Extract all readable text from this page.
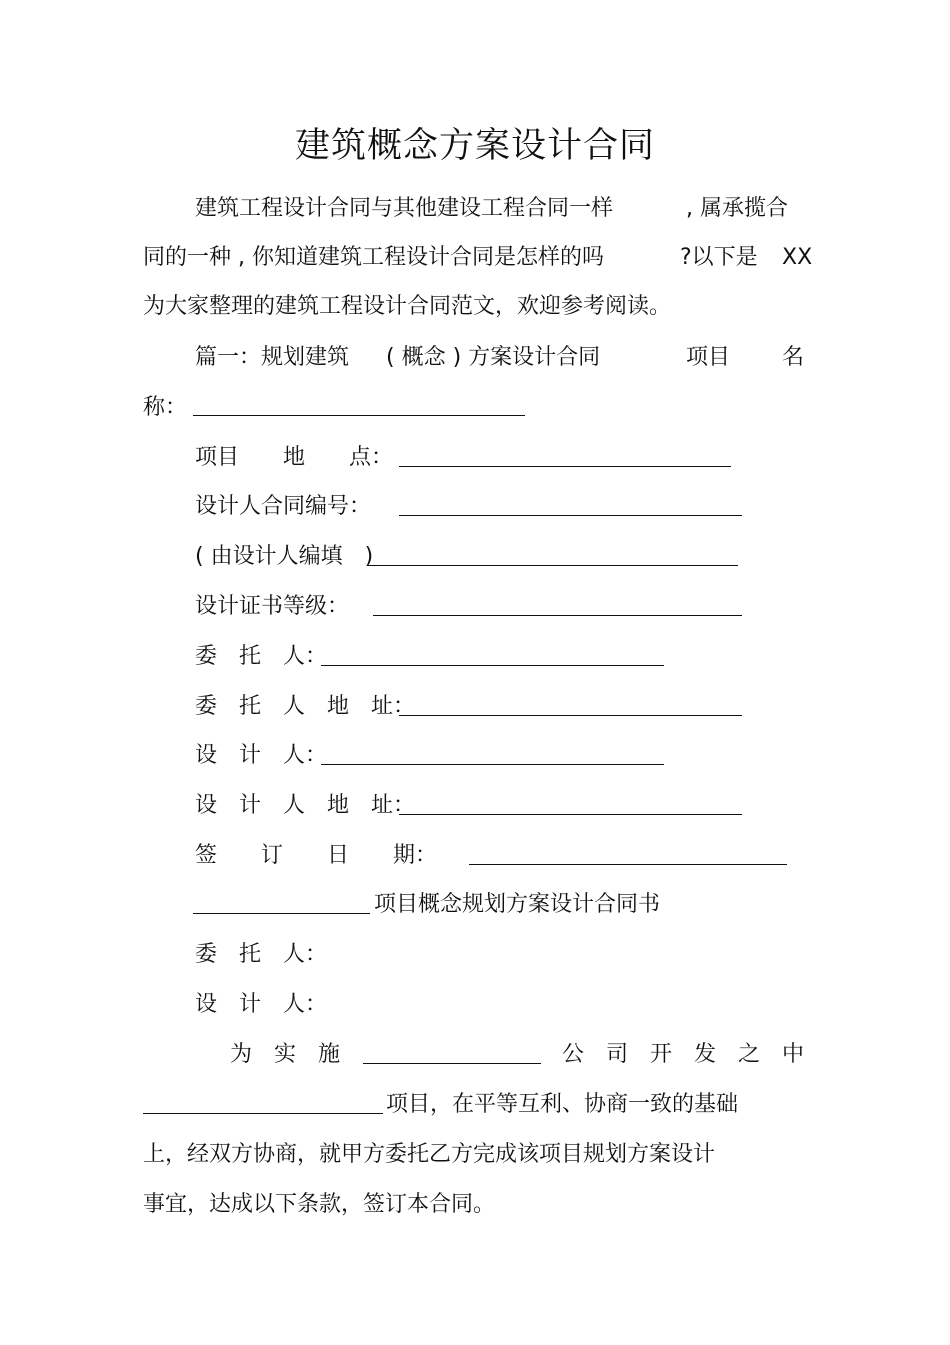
建筑概念方案设计合同
建筑工程设计合同与其他建设工程合同一样	, 属承揽合
同的一种 , 你知道建筑工程设计合同是怎样的吗	?以下是 XX
为大家整理的建筑工程设计合同范文，欢迎参考阅读。
篇一：规划建筑 ( 概念 ) 方案设计合同	项目 名
称：
项目　　地　　点：
设计人合同编号：
( 由设计人编填　)
设计证书等级：
委　托　人：
委　托　人　地　址：
设　计　人：
设　计　人　地　址：
签　　订　　日　　期：
项目概念规划方案设计合同书
委　托　人：
设　计　人：
为　实　施	公　司　开　发　之　中
项目，在平等互利、协商一致的基础
上，经双方协商，就甲方委托乙方完成该项目规划方案设计
事宜，达成以下条款，签订本合同。
